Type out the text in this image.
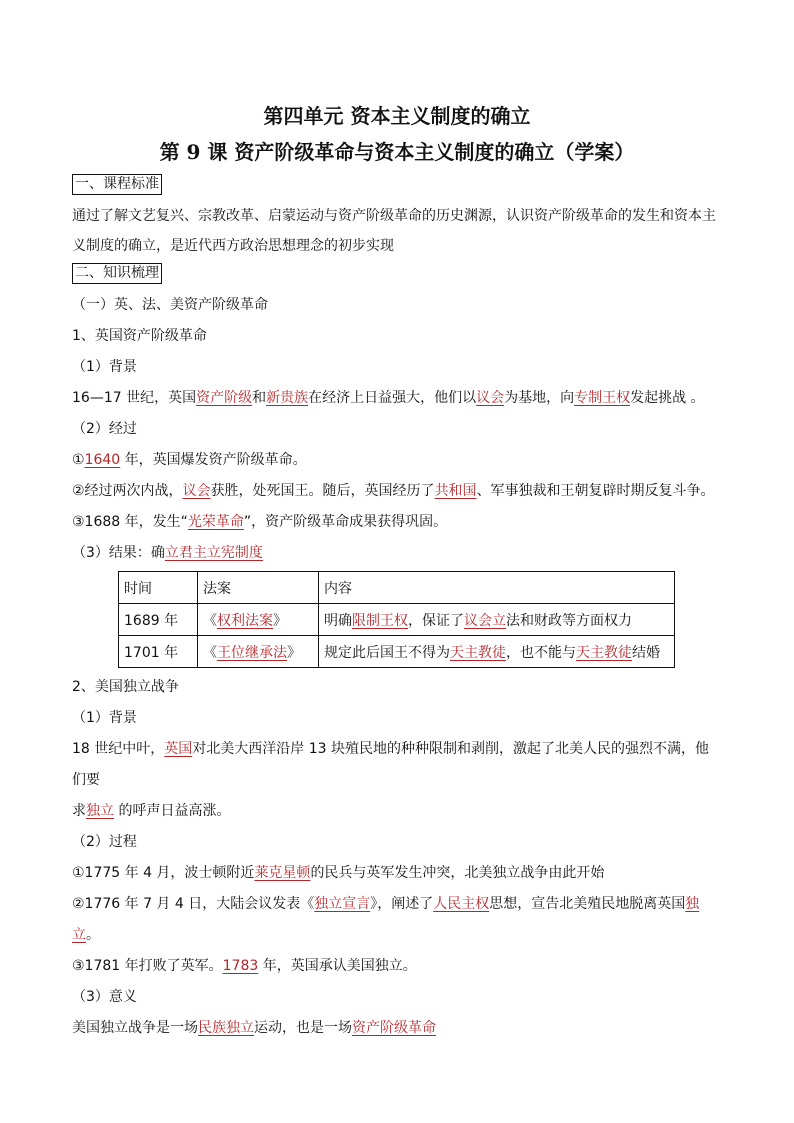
第四单元 资本主义制度的确立
第 9 课 资产阶级革命与资本主义制度的确立（学案）
一、课程标准

通过了解文艺复兴、宗教改革、启蒙运动与资产阶级革命的历史渊源，认识资产阶级革命的发生和资本主

义制度的确立，是近代西方政治思想理念的初步实现

二、知识梳理

（一）英、法、美资产阶级革命

1、英国资产阶级革命

（1）背景

16—17 世纪，英国资产阶级和新贵族在经济上日益强大，他们以议会为基地，向专制王权发起挑战 。

（2）经过

①1640 年，英国爆发资产阶级革命。

②经过两次内战，议会获胜，处死国王。随后，英国经历了共和国、军事独裁和王朝复辟时期反复斗争。

③1688 年，发生“光荣革命”，资产阶级革命成果获得巩固。

（3）结果：确立君主立宪制度

时间	法案	内容
1689 年	《权利法案》	明确限制王权，保证了议会立法和财政等方面权力
1701 年	《王位继承法》	规定此后国王不得为天主教徒，也不能与天主教徒结婚

2、美国独立战争

（1）背景

18 世纪中叶，英国对北美大西洋沿岸 13 块殖民地的种种限制和剥削，激起了北美人民的强烈不满，他们要

求独立 的呼声日益高涨。

（2）过程

①1775 年 4 月，波士顿附近莱克星顿的民兵与英军发生冲突，北美独立战争由此开始

②1776 年 7 月 4 日，大陆会议发表《独立宣言》，阐述了人民主权思想，宣告北美殖民地脱离英国独立。

③1781 年打败了英军。1783 年，英国承认美国独立。

（3）意义

美国独立战争是一场民族独立运动，也是一场资产阶级革命
